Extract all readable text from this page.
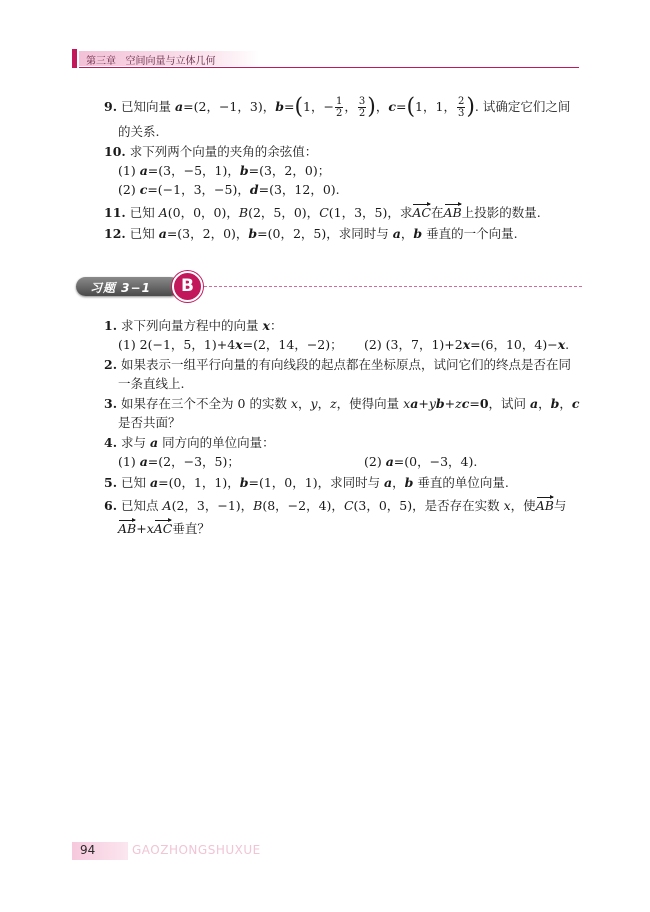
第三章 空间向量与立体几何
9. 已知向量 a=(2，−1，3)，b=(1，− $\frac{1}{2}$ ， $\frac{3}{2}$ )，c=(1，1， $\frac{2}{3}$ ). 试确定它们之间
的关系.
10. 求下列两个向量的夹角的余弦值：
(1) a=(3，−5，1)，b=(3，2，0)；
(2) c=(−1，3，−5)，d=(3，12，0).
11. 已知 A(0，0，0)，B(2，5，0)，C(1，3，5)，求AC在AB上投影的数量.
12. 已知 a=(3，2，0)，b=(0，2，5)，求同时与 a，b 垂直的一个向量.
习题 3−1	B
1. 求下列向量方程中的向量 x：
(1) 2(−1，5，1)+4x=(2，14，−2)； (2) (3，7，1)+2x=(6，10，4)−x.
2. 如果表示一组平行向量的有向线段的起点都在坐标原点，试问它们的终点是否在同
一条直线上.
3. 如果存在三个不全为 0 的实数 x，y，z，使得向量 xa+yb+zc=0，试问 a，b，c
是否共面？
4. 求与 a 同方向的单位向量：
(1) a=(2，−3，5)；	(2) a=(0，−3，4).
5. 已知 a=(0，1，1)，b=(1，0，1)，求同时与 a，b 垂直的单位向量.
6. 已知点 A(2，3，−1)，B(8，−2，4)，C(3，0，5)，是否存在实数 x，使AB与
AB+xAC垂直？
94	GAOZHONGSHUXUE
